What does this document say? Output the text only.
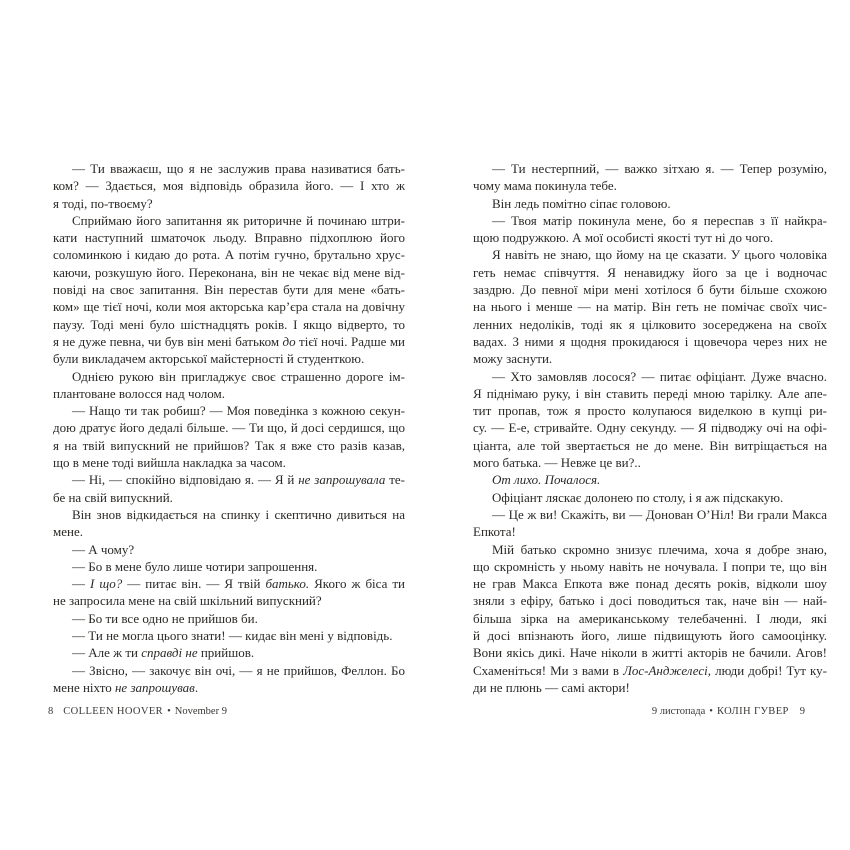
— Ти вважаєш, що я не заслужив права називатися бать-
ком? — Здається, моя відповідь образила його. — І хто ж
я тоді, по-твоєму?
Сприймаю його запитання як риторичне й починаю штри-
кати наступний шматочок льоду. Вправно підхоплюю його
соломинкою і кидаю до рота. А потім гучно, брутально хрус-
каючи, розкушую його. Переконана, він не чекає від мене від-
повіді на своє запитання. Він перестав бути для мене «бать-
ком» ще тієї ночі, коли моя акторська кар’єра стала на довічну
паузу. Тоді мені було шістнадцять років. І якщо відверто, то
я не дуже певна, чи був він мені батьком до тієї ночі. Радше ми
були викладачем акторської майстерності й студенткою.
Однією рукою він пригладжує своє страшенно дороге ім-
плантоване волосся над чолом.
— Нащо ти так робиш? — Моя поведінка з кожною секун-
дою дратує його дедалі більше. — Ти що, й досі сердишся, що
я на твій випускний не прийшов? Так я вже сто разів казав,
що в мене тоді вийшла накладка за часом.
— Ні, — спокійно відповідаю я. — Я й не запрошувала те-
бе на свій випускний.
Він знов відкидається на спинку і скептично дивиться на
мене.
— А чому?
— Бо в мене було лише чотири запрошення.
— І що? — питає він. — Я твій батько. Якого ж біса ти
не запросила мене на свій шкільний випускний?
— Бо ти все одно не прийшов би.
— Ти не могла цього знати! — кидає він мені у відповідь.
— Але ж ти справді не прийшов.
— Звісно, — закочує він очі, — я не прийшов, Феллон. Бо
мене ніхто не запрошував.
— Ти нестерпний, — важко зітхаю я. — Тепер розумію,
чому мама покинула тебе.
Він ледь помітно сіпає головою.
— Твоя матір покинула мене, бо я переспав з її найкра-
щою подружкою. А мої особисті якості тут ні до чого.
Я навіть не знаю, що йому на це сказати. У цього чоловіка
геть немає співчуття. Я ненавиджу його за це і водночас
заздрю. До певної міри мені хотілося б бути більше схожою
на нього і менше — на матір. Він геть не помічає своїх чис-
ленних недоліків, тоді як я цілковито зосереджена на своїх
вадах. З ними я щодня прокидаюся і щовечора через них не
можу заснути.
— Хто замовляв лосося? — питає офіціант. Дуже вчасно.
Я піднімаю руку, і він ставить переді мною тарілку. Але апе-
тит пропав, тож я просто колупаюся виделкою в купці ри-
су. — Е-е, стривайте. Одну секунду. — Я підводжу очі на офі-
ціанта, але той звертається не до мене. Він витріщається на
мого батька. — Невже це ви?..
От лихо. Почалося.
Офіціант ляскає долонею по столу, і я аж підскакую.
— Це ж ви! Скажіть, ви — Донован О’Ніл! Ви грали Макса
Епкота!
Мій батько скромно знизує плечима, хоча я добре знаю,
що скромність у ньому навіть не ночувала. І попри те, що він
не грав Макса Епкота вже понад десять років, відколи шоу
зняли з ефіру, батько і досі поводиться так, наче він — най-
більша зірка на американському телебаченні. І люди, які
й досі впізнають його, лише підвищують його самооцінку.
Вони якісь дикі. Наче ніколи в житті акторів не бачили. Агов!
Схаменіться! Ми з вами в Лос-Анджелесі, люди добрі! Тут ку-
ди не плюнь — самі актори!
8 COLLEEN HOOVER • November 9	9 листопада • КОЛІН ГУВЕР 9
